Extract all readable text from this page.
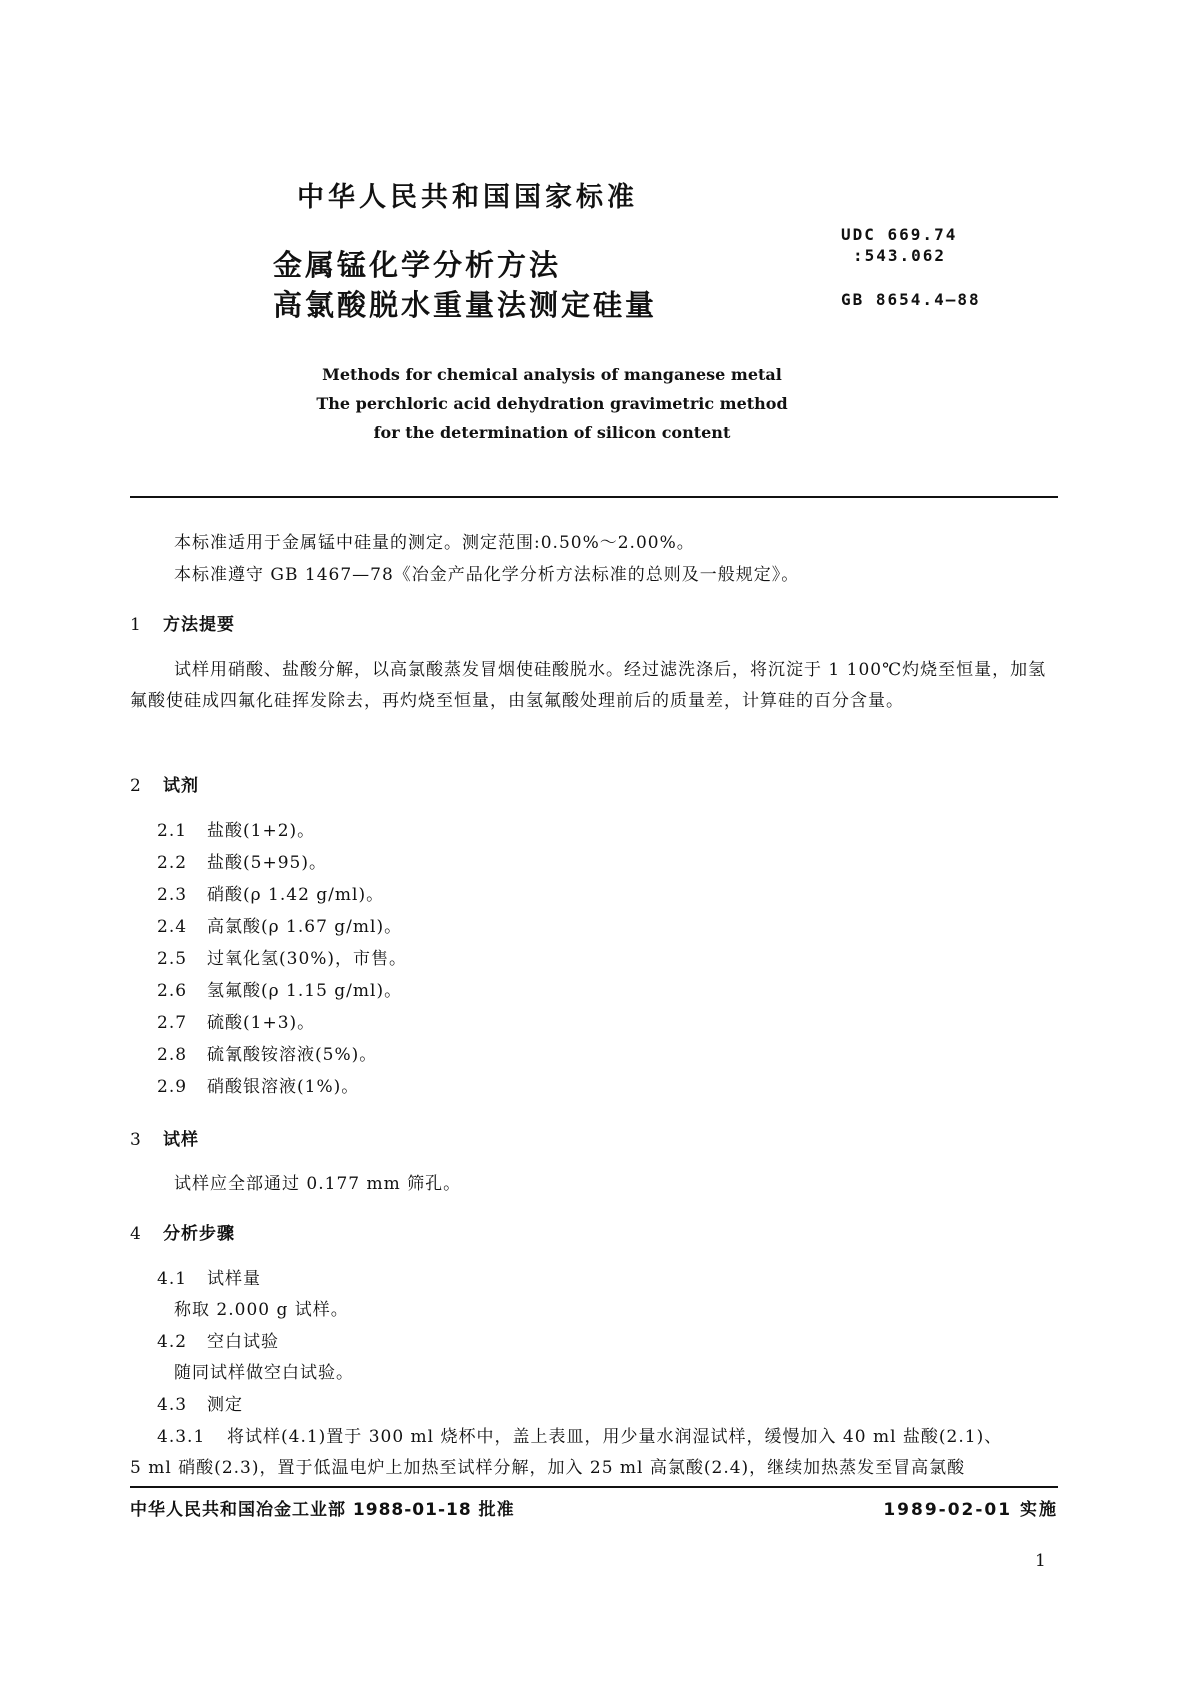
中华人民共和国国家标准
金属锰化学分析方法
高氯酸脱水重量法测定硅量
UDC 669.74
:543.062
GB 8654.4—88
Methods for chemical analysis of manganese metal
The perchloric acid dehydration gravimetric method
for the determination of silicon content
本标准适用于金属锰中硅量的测定。测定范围:0.50%～2.00%。
本标准遵守 GB 1467—78《冶金产品化学分析方法标准的总则及一般规定》。
1 方法提要
试样用硝酸、盐酸分解，以高氯酸蒸发冒烟使硅酸脱水。经过滤洗涤后，将沉淀于 1 100℃灼烧至恒量，加氢氟酸使硅成四氟化硅挥发除去，再灼烧至恒量，由氢氟酸处理前后的质量差，计算硅的百分含量。
2 试剂
2.1 盐酸(1+2)。
2.2 盐酸(5+95)。
2.3 硝酸(ρ 1.42 g/ml)。
2.4 高氯酸(ρ 1.67 g/ml)。
2.5 过氧化氢(30%)，市售。
2.6 氢氟酸(ρ 1.15 g/ml)。
2.7 硫酸(1+3)。
2.8 硫氰酸铵溶液(5%)。
2.9 硝酸银溶液(1%)。
3 试样
试样应全部通过 0.177 mm 筛孔。
4 分析步骤
4.1 试样量
称取 2.000 g 试样。
4.2 空白试验
随同试样做空白试验。
4.3 测定
4.3.1 将试样(4.1)置于 300 ml 烧杯中，盖上表皿，用少量水润湿试样，缓慢加入 40 ml 盐酸(2.1)、
5 ml 硝酸(2.3)，置于低温电炉上加热至试样分解，加入 25 ml 高氯酸(2.4)，继续加热蒸发至冒高氯酸
中华人民共和国冶金工业部 1988-01-18 批准	1989-02-01 实施
1
